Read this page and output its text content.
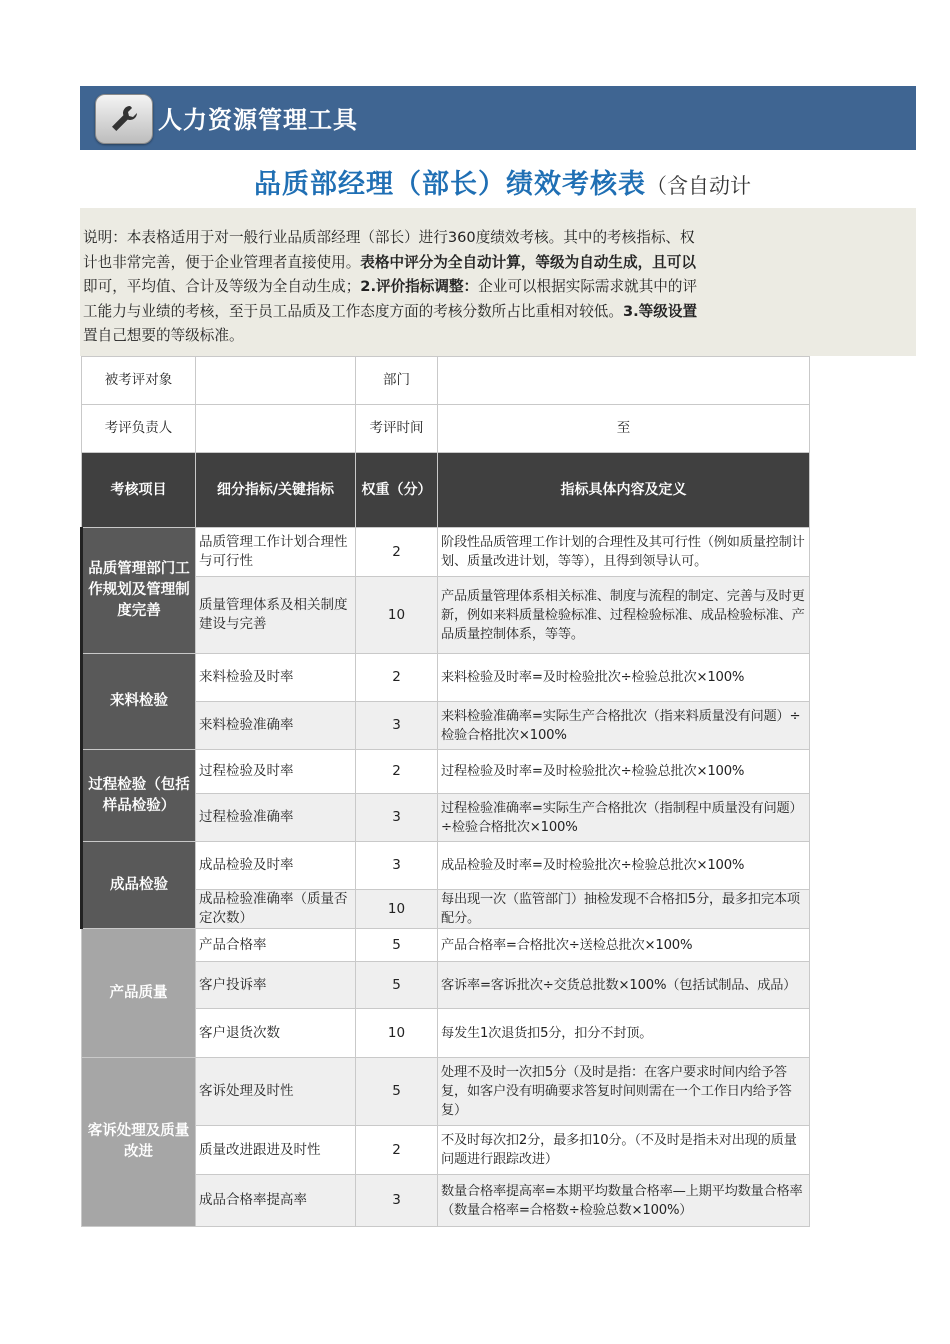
人力资源管理工具
品质部经理（部长）绩效考核表（含自动计
说明：本表格适用于对一般行业品质部经理（部长）进行360度绩效考核。其中的考核指标、权
计也非常完善，便于企业管理者直接使用。表格中评分为全自动计算，等级为自动生成，且可以
即可，平均值、合计及等级为全自动生成；2.评价指标调整：企业可以根据实际需求就其中的评
工能力与业绩的考核，至于员工品质及工作态度方面的考核分数所占比重相对较低。3.等级设置
置自己想要的等级标准。
被考评对象		部门	
考评负责人		考评时间	至
考核项目	细分指标/关键指标	权重（分）	指标具体内容及定义
品质管理部门工作规划及管理制度完善	品质管理工作计划合理性与可行性	2	阶段性品质管理工作计划的合理性及其可行性（例如质量控制计划、质量改进计划，等等），且得到领导认可。
	质量管理体系及相关制度建设与完善	10	产品质量管理体系相关标准、制度与流程的制定、完善与及时更新，例如来料质量检验标准、过程检验标准、成品检验标准、产品质量控制体系，等等。
来料检验	来料检验及时率	2	来料检验及时率=及时检验批次÷检验总批次×100%
	来料检验准确率	3	来料检验准确率=实际生产合格批次（指来料质量没有问题）÷检验合格批次×100%
过程检验（包括样品检验）	过程检验及时率	2	过程检验及时率=及时检验批次÷检验总批次×100%
	过程检验准确率	3	过程检验准确率=实际生产合格批次（指制程中质量没有问题）÷检验合格批次×100%
成品检验	成品检验及时率	3	成品检验及时率=及时检验批次÷检验总批次×100%
	成品检验准确率（质量否定次数）	10	每出现一次（监管部门）抽检发现不合格扣5分，最多扣完本项配分。
产品质量	产品合格率	5	产品合格率=合格批次÷送检总批次×100%
	客户投诉率	5	客诉率=客诉批次÷交货总批数×100%（包括试制品、成品）
	客户退货次数	10	每发生1次退货扣5分，扣分不封顶。
客诉处理及质量改进	客诉处理及时性	5	处理不及时一次扣5分（及时是指：在客户要求时间内给予答复，如客户没有明确要求答复时间则需在一个工作日内给予答复）
	质量改进跟进及时性	2	不及时每次扣2分，最多扣10分。（不及时是指未对出现的质量问题进行跟踪改进）
	成品合格率提高率	3	数量合格率提高率=本期平均数量合格率—上期平均数量合格率（数量合格率=合格数÷检验总数×100%）
